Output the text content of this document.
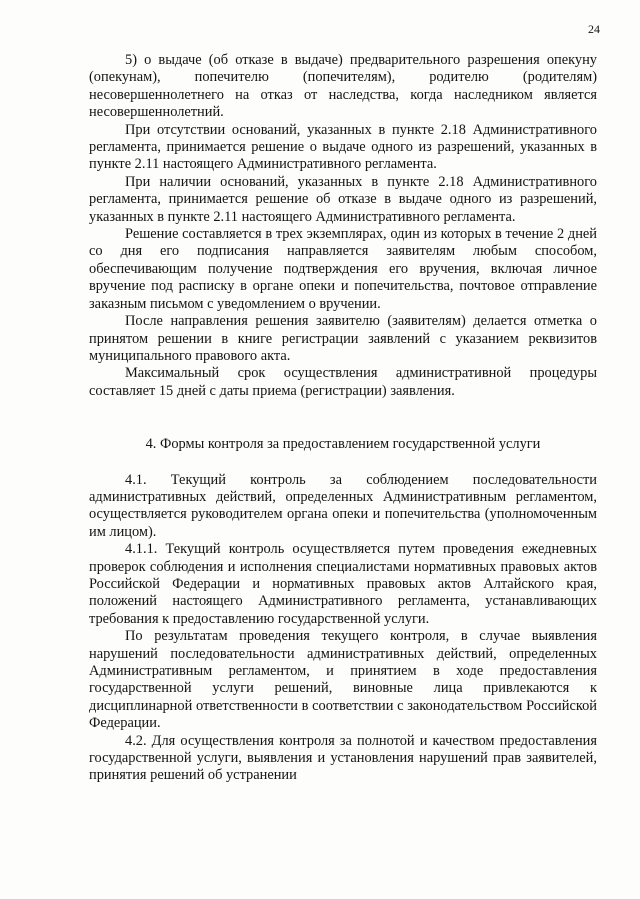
24

5) о выдаче (об отказе в выдаче) предварительного разрешения опекуну (опекунам), попечителю (попечителям), родителю (родителям) несовершеннолетнего на отказ от наследства, когда наследником является несовершеннолетний.

При отсутствии оснований, указанных в пункте 2.18 Административного регламента, принимается решение о выдаче одного из разрешений, указанных в пункте 2.11 настоящего Административного регламента.

При наличии оснований, указанных в пункте 2.18 Административного регламента, принимается решение об отказе в выдаче одного из разрешений, указанных в пункте 2.11 настоящего Административного регламента.

Решение составляется в трех экземплярах, один из которых в течение 2 дней со дня его подписания направляется заявителям любым способом, обеспечивающим получение подтверждения его вручения, включая личное вручение под расписку в органе опеки и попечительства, почтовое отправление заказным письмом с уведомлением о вручении.

После направления решения заявителю (заявителям) делается отметка о принятом решении в книге регистрации заявлений с указанием реквизитов муниципального правового акта.

Максимальный срок осуществления административной процедуры составляет 15 дней с даты приема (регистрации) заявления.

4. Формы контроля за предоставлением государственной услуги

4.1. Текущий контроль за соблюдением последовательности административных действий, определенных Административным регламентом, осуществляется руководителем органа опеки и попечительства (уполномоченным им лицом).

4.1.1. Текущий контроль осуществляется путем проведения ежедневных проверок соблюдения и исполнения специалистами нормативных правовых актов Российской Федерации и нормативных правовых актов Алтайского края, положений настоящего Административного регламента, устанавливающих требования к предоставлению государственной услуги.

По результатам проведения текущего контроля, в случае выявления нарушений последовательности административных действий, определенных Административным регламентом, и принятием в ходе предоставления государственной услуги решений, виновные лица привлекаются к дисциплинарной ответственности в соответствии с законодательством Российской Федерации.

4.2. Для осуществления контроля за полнотой и качеством предоставления государственной услуги, выявления и установления нарушений прав заявителей, принятия решений об устранении
